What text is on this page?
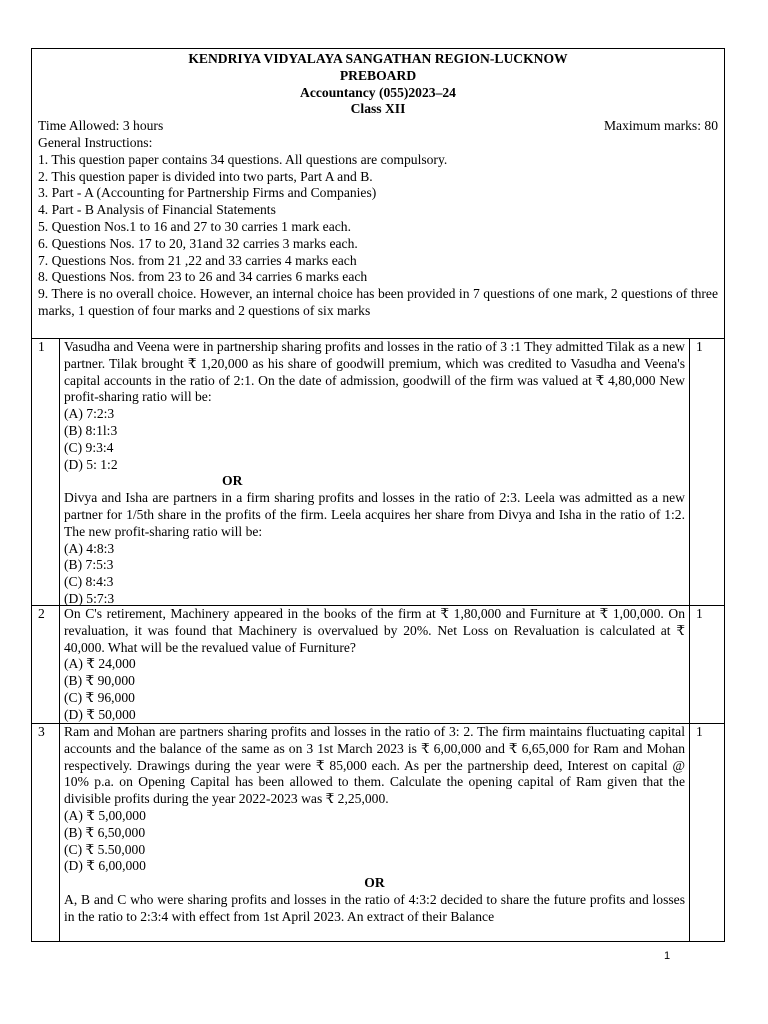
KENDRIYA VIDYALAYA SANGATHAN REGION-LUCKNOW
PREBOARD
Accountancy (055)2023–24
Class XII
Time Allowed: 3 hours	Maximum marks: 80
General Instructions:
1. This question paper contains 34 questions. All questions are compulsory.
2. This question paper is divided into two parts, Part A and B.
3. Part - A (Accounting for Partnership Firms and Companies)
4. Part - B Analysis of Financial Statements
5. Question Nos.1 to 16 and 27 to 30 carries 1 mark each.
6. Questions Nos. 17 to 20, 31and 32 carries 3 marks each.
7. Questions Nos. from 21 ,22 and 33 carries 4 marks each
8. Questions Nos. from 23 to 26 and 34 carries 6 marks each
9. There is no overall choice. However, an internal choice has been provided in 7 questions of one mark, 2 questions of three marks, 1 question of four marks and 2 questions of six marks
1	Vasudha and Veena were in partnership sharing profits and losses in the ratio of 3 :1 They admitted Tilak as a new partner. Tilak brought ₹ 1,20,000 as his share of goodwill premium, which was credited to Vasudha and Veena's capital accounts in the ratio of 2:1. On the date of admission, goodwill of the firm was valued at ₹ 4,80,000 New profit-sharing ratio will be:
(A) 7:2:3
(B) 8:1l:3
(C) 9:3:4
(D) 5: 1:2
OR
Divya and Isha are partners in a firm sharing profits and losses in the ratio of 2:3. Leela was admitted as a new partner for 1/5th share in the profits of the firm. Leela acquires her share from Divya and Isha in the ratio of 1:2. The new profit-sharing ratio will be:
(A) 4:8:3
(B) 7:5:3
(C) 8:4:3
(D) 5:7:3
1
2	On C's retirement, Machinery appeared in the books of the firm at ₹ 1,80,000 and Furniture at ₹ 1,00,000. On revaluation, it was found that Machinery is overvalued by 20%. Net Loss on Revaluation is calculated at ₹ 40,000. What will be the revalued value of Furniture?
(A) ₹ 24,000
(B) ₹ 90,000
(C) ₹ 96,000
(D) ₹ 50,000
1
3	Ram and Mohan are partners sharing profits and losses in the ratio of 3: 2. The firm maintains fluctuating capital accounts and the balance of the same as on 3 1st March 2023 is ₹ 6,00,000 and ₹ 6,65,000 for Ram and Mohan respectively. Drawings during the year were ₹ 85,000 each. As per the partnership deed, Interest on capital @ 10% p.a. on Opening Capital has been allowed to them. Calculate the opening capital of Ram given that the divisible profits during the year 2022-2023 was ₹ 2,25,000.
(A) ₹ 5,00,000
(B) ₹ 6,50,000
(C) ₹ 5.50,000
(D) ₹ 6,00,000
OR
A, B and C who were sharing profits and losses in the ratio of 4:3:2 decided to share the future profits and losses in the ratio to 2:3:4 with effect from 1st April 2023. An extract of their Balance
1
1
